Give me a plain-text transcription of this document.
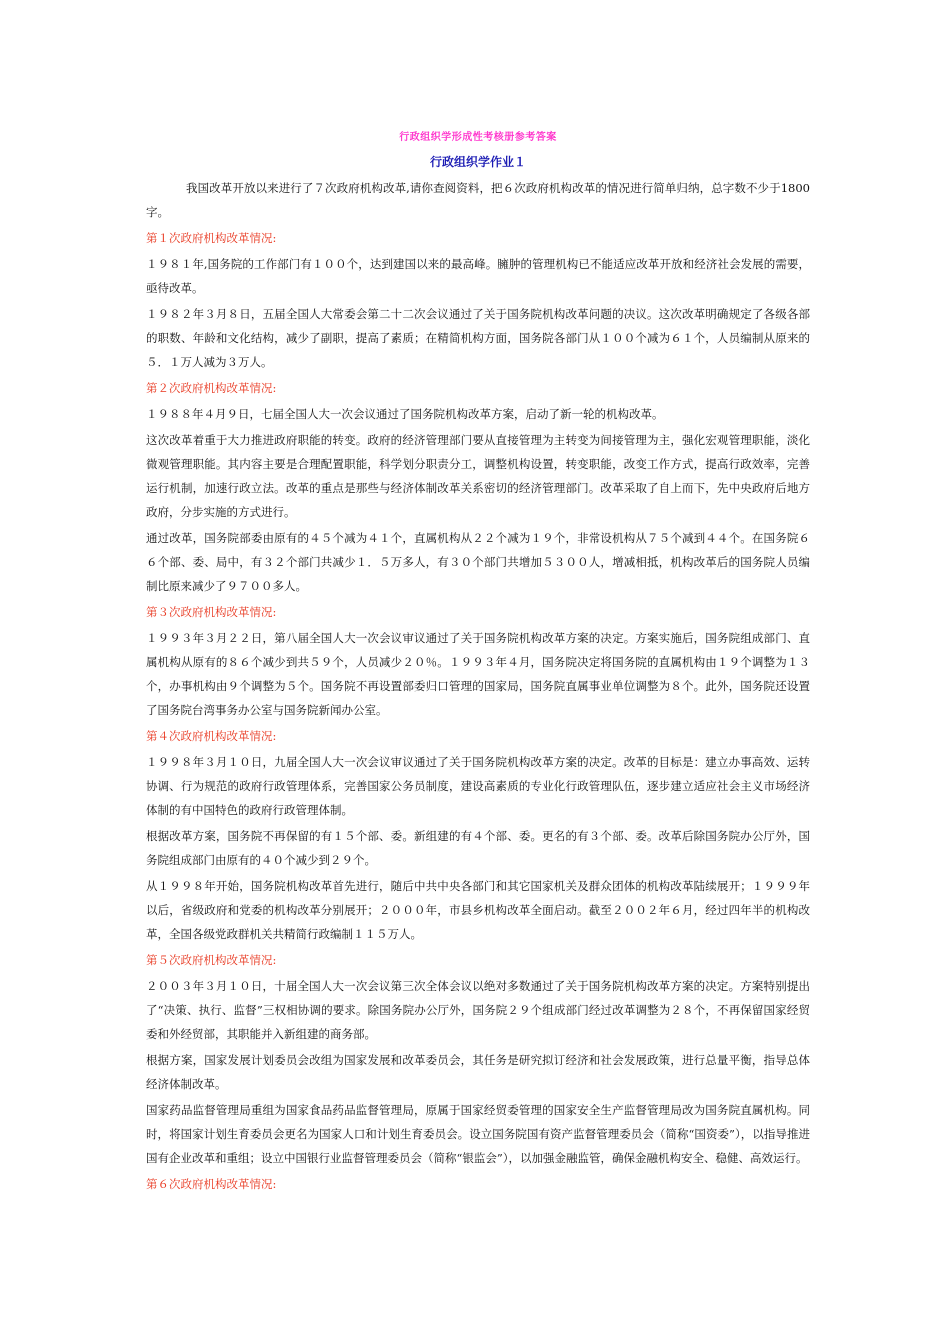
行政组织学形成性考核册参考答案
行政组织学作业１

我国改革开放以来进行了７次政府机构改革,请你查阅资料，把６次政府机构改革的情况进行简单归纳，总字数不少于1800字。

第１次政府机构改革情况:

１９８１年,国务院的工作部门有１００个，达到建国以来的最高峰。臃肿的管理机构已不能适应改革开放和经济社会发展的需要，亟待改革。

１９８２年３月８日，五届全国人大常委会第二十二次会议通过了关于国务院机构改革问题的决议。这次改革明确规定了各级各部的职数、年龄和文化结构，减少了副职，提高了素质；在精简机构方面，国务院各部门从１００个减为６１个，人员编制从原来的５．１万人减为３万人。

第２次政府机构改革情况:

１９８８年４月９日，七届全国人大一次会议通过了国务院机构改革方案，启动了新一轮的机构改革。

这次改革着重于大力推进政府职能的转变。政府的经济管理部门要从直接管理为主转变为间接管理为主，强化宏观管理职能，淡化微观管理职能。其内容主要是合理配置职能，科学划分职责分工，调整机构设置，转变职能，改变工作方式，提高行政效率，完善运行机制，加速行政立法。改革的重点是那些与经济体制改革关系密切的经济管理部门。改革采取了自上而下，先中央政府后地方政府，分步实施的方式进行。

通过改革，国务院部委由原有的４５个减为４１个，直属机构从２２个减为１９个，非常设机构从７５个减到４４个。在国务院６６个部、委、局中，有３２个部门共减少１．５万多人，有３０个部门共增加５３００人，增减相抵，机构改革后的国务院人员编制比原来减少了９７００多人。

第３次政府机构改革情况:

１９９３年３月２２日，第八届全国人大一次会议审议通过了关于国务院机构改革方案的决定。方案实施后，国务院组成部门、直属机构从原有的８６个减少到共５９个，人员减少２０％。１９９３年４月，国务院决定将国务院的直属机构由１９个调整为１３个，办事机构由９个调整为５个。国务院不再设置部委归口管理的国家局，国务院直属事业单位调整为８个。此外，国务院还设置了国务院台湾事务办公室与国务院新闻办公室。

第４次政府机构改革情况:

１９９８年３月１０日，九届全国人大一次会议审议通过了关于国务院机构改革方案的决定。改革的目标是：建立办事高效、运转协调、行为规范的政府行政管理体系，完善国家公务员制度，建设高素质的专业化行政管理队伍，逐步建立适应社会主义市场经济体制的有中国特色的政府行政管理体制。

根据改革方案，国务院不再保留的有１５个部、委。新组建的有４个部、委。更名的有３个部、委。改革后除国务院办公厅外，国务院组成部门由原有的４０个减少到２９个。

从１９９８年开始，国务院机构改革首先进行，随后中共中央各部门和其它国家机关及群众团体的机构改革陆续展开；１９９９年以后，省级政府和党委的机构改革分别展开；２０００年，市县乡机构改革全面启动。截至２００２年６月，经过四年半的机构改革，全国各级党政群机关共精简行政编制１１５万人。

第５次政府机构改革情况:

２００３年３月１０日，十届全国人大一次会议第三次全体会议以绝对多数通过了关于国务院机构改革方案的决定。方案特别提出了“决策、执行、监督”三权相协调的要求。除国务院办公厅外，国务院２９个组成部门经过改革调整为２８个，不再保留国家经贸委和外经贸部，其职能并入新组建的商务部。

根据方案，国家发展计划委员会改组为国家发展和改革委员会，其任务是研究拟订经济和社会发展政策，进行总量平衡，指导总体经济体制改革。

国家药品监督管理局重组为国家食品药品监督管理局，原属于国家经贸委管理的国家安全生产监督管理局改为国务院直属机构。同时，将国家计划生育委员会更名为国家人口和计划生育委员会。设立国务院国有资产监督管理委员会（简称“国资委”），以指导推进国有企业改革和重组；设立中国银行业监督管理委员会（简称“银监会”），以加强金融监管，确保金融机构安全、稳健、高效运行。

第６次政府机构改革情况:
